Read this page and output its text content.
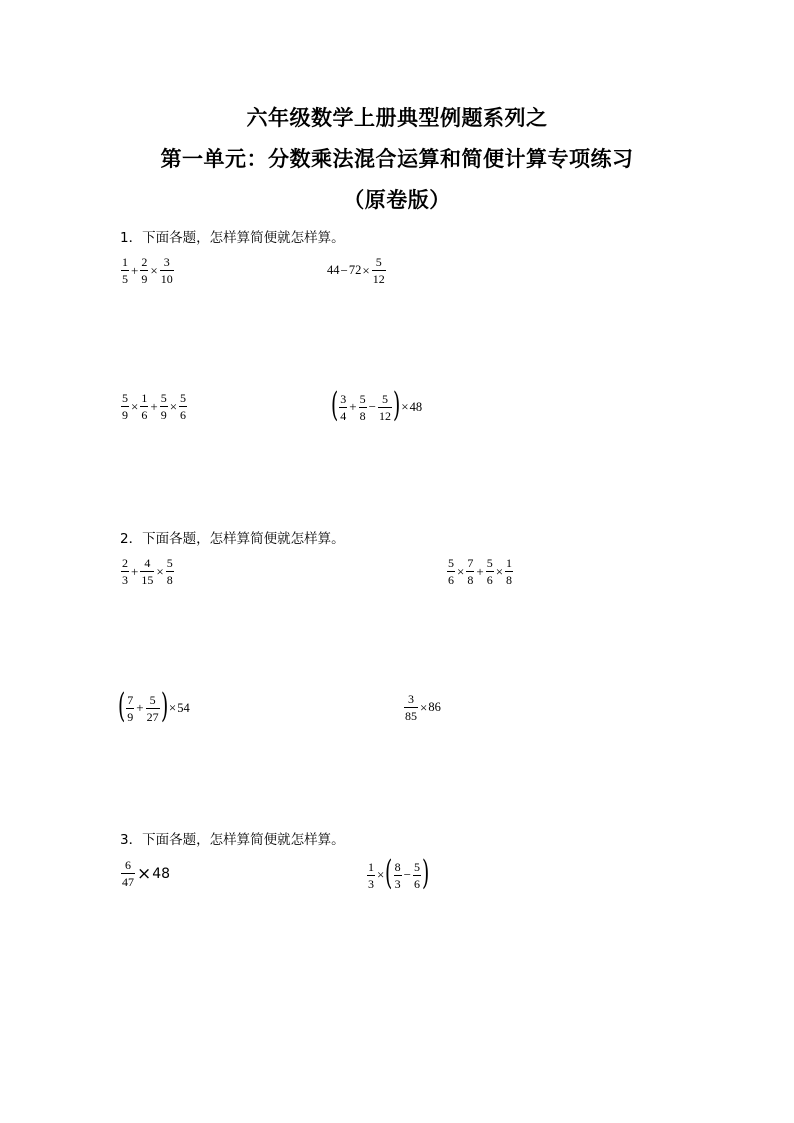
六年级数学上册典型例题系列之
第一单元：分数乘法混合运算和简便计算专项练习
（原卷版）
1．下面各题，怎样算简便就怎样算。
$\frac{1}{5} + \frac{2}{9} \times \frac{3}{10}$	$44 - 72 \times \frac{5}{12}$
$\frac{5}{9} \times \frac{1}{6} + \frac{5}{9} \times \frac{5}{6}$	( $\frac{3}{4} + \frac{5}{8} - \frac{5}{12}$ ) × 48
2．下面各题，怎样算简便就怎样算。
$\frac{2}{3} + \frac{4}{15} \times \frac{5}{8}$	$\frac{5}{6} \times \frac{7}{8} + \frac{5}{6} \times \frac{1}{8}$
( $\frac{7}{9} + \frac{5}{27}$ ) × 54	$\frac{3}{85} \times 86$
3．下面各题，怎样算简便就怎样算。
$\frac{6}{47} \times 48$	$\frac{1}{3}$ × ( $\frac{8}{3} - \frac{5}{6}$ )
